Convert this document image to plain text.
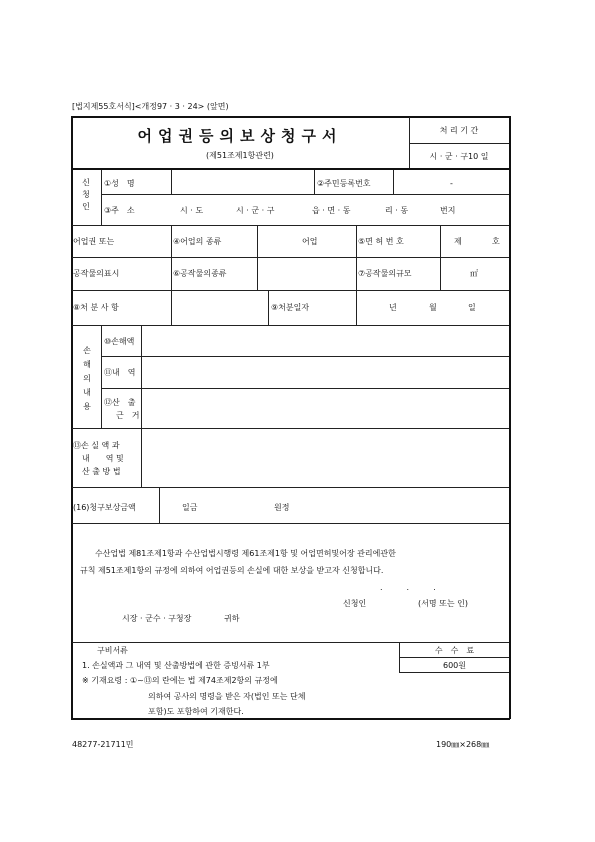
[법지제55호서식]<개정97 · 3 · 24> (앞면)
어업권등의보상청구서
(제51조제1항관련)
처 리 기 간
시 · 군 · 구10 일
신청인
①성　명	②주민등록번호	-
③주　소	시 · 도	시 · 군 · 구	읍 · 면 · 동	리 · 동	번지
어업권 또는	④어업의 종류	어업	⑤면 허 번 호	제	호
공작물의표시	⑥공작물의종류	⑦공작물의규모	㎡
⑧처 분 사 항	⑨처분일자	년	월	일
손해의내용
⑩손해액
⑪내　역
⑫산　출
근　거
⑬손 실 액 과
내　　역 및
산 출 방 법
(16)청구보상금액	일금	원정
수산업법 제81조제1항과 수산업법시행령 제61조제1항 및 어업면허및어장 관리에관한
규칙 제51조제1항의 규정에 의하여 어업권등의 손실에 대한 보상을 받고자 신청합니다.
.　　　.　　　.
신청인	(서명 또는 인)
시장 · 군수 · 구청장	귀하
구비서류
1. 손실액과 그 내역 및 산출방법에 관한 증빙서류 1부
수　수　료
600원
※ 기재요령 : ①~⑬의 란에는 법 제74조제2항의 규정에
의하여 공사의 명령을 받은 자(법인 또는 단체
포함)도 포함하여 기재한다.
48277-21711민	190㎜×268㎜
